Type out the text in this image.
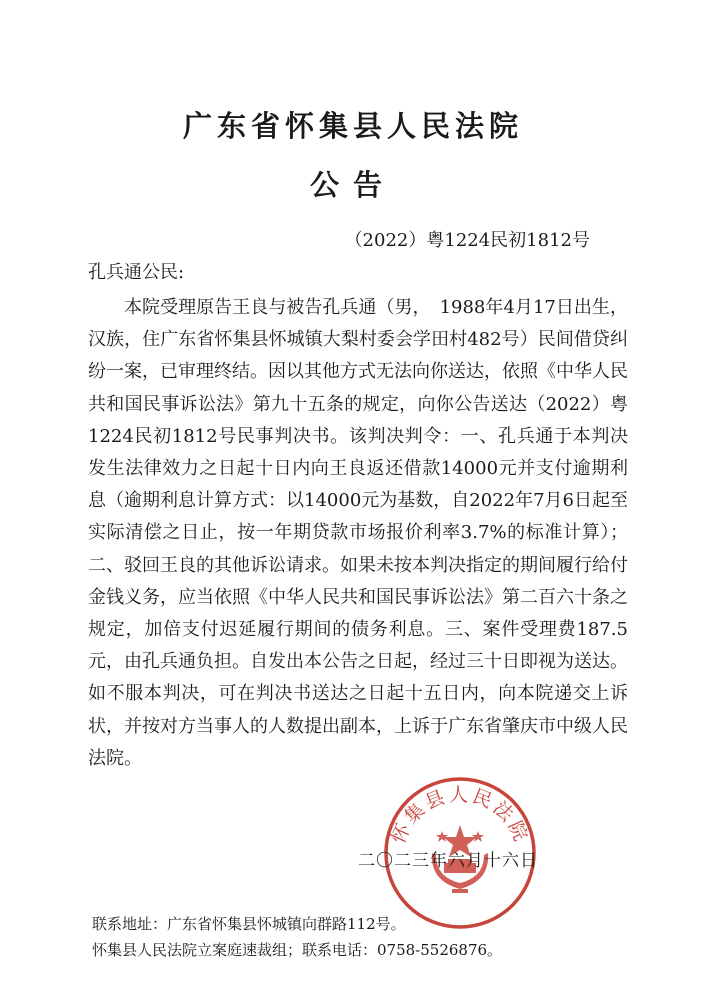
广东省怀集县人民法院
公告

（2022）粤1224民初1812号

孔兵通公民:

本院受理原告王良与被告孔兵通（男，　1988年4月17日出生，汉族，住广东省怀集县怀城镇大梨村委会学田村482号）民间借贷纠纷一案，已审理终结。因以其他方式无法向你送达，依照《中华人民共和国民事诉讼法》第九十五条的规定，向你公告送达（2022）粤1224民初1812号民事判决书。该判决判令：一、孔兵通于本判决发生法律效力之日起十日内向王良返还借款14000元并支付逾期利息（逾期利息计算方式：以14000元为基数，自2022年7月6日起至实际清偿之日止，按一年期贷款市场报价利率3.7%的标准计算）；二、驳回王良的其他诉讼请求。如果未按本判决指定的期间履行给付金钱义务，应当依照《中华人民共和国民事诉讼法》第二百六十条之规定，加倍支付迟延履行期间的债务利息。三、案件受理费187.5元，由孔兵通负担。自发出本公告之日起，经过三十日即视为送达。如不服本判决，可在判决书送达之日起十五日内，向本院递交上诉状，并按对方当事人的人数提出副本，上诉于广东省肇庆市中级人民法院。

怀集县人民法院

二〇二三年六月十六日

联系地址：广东省怀集县怀城镇向群路112号。

怀集县人民法院立案庭速裁组；联系电话：0758-5526876。
